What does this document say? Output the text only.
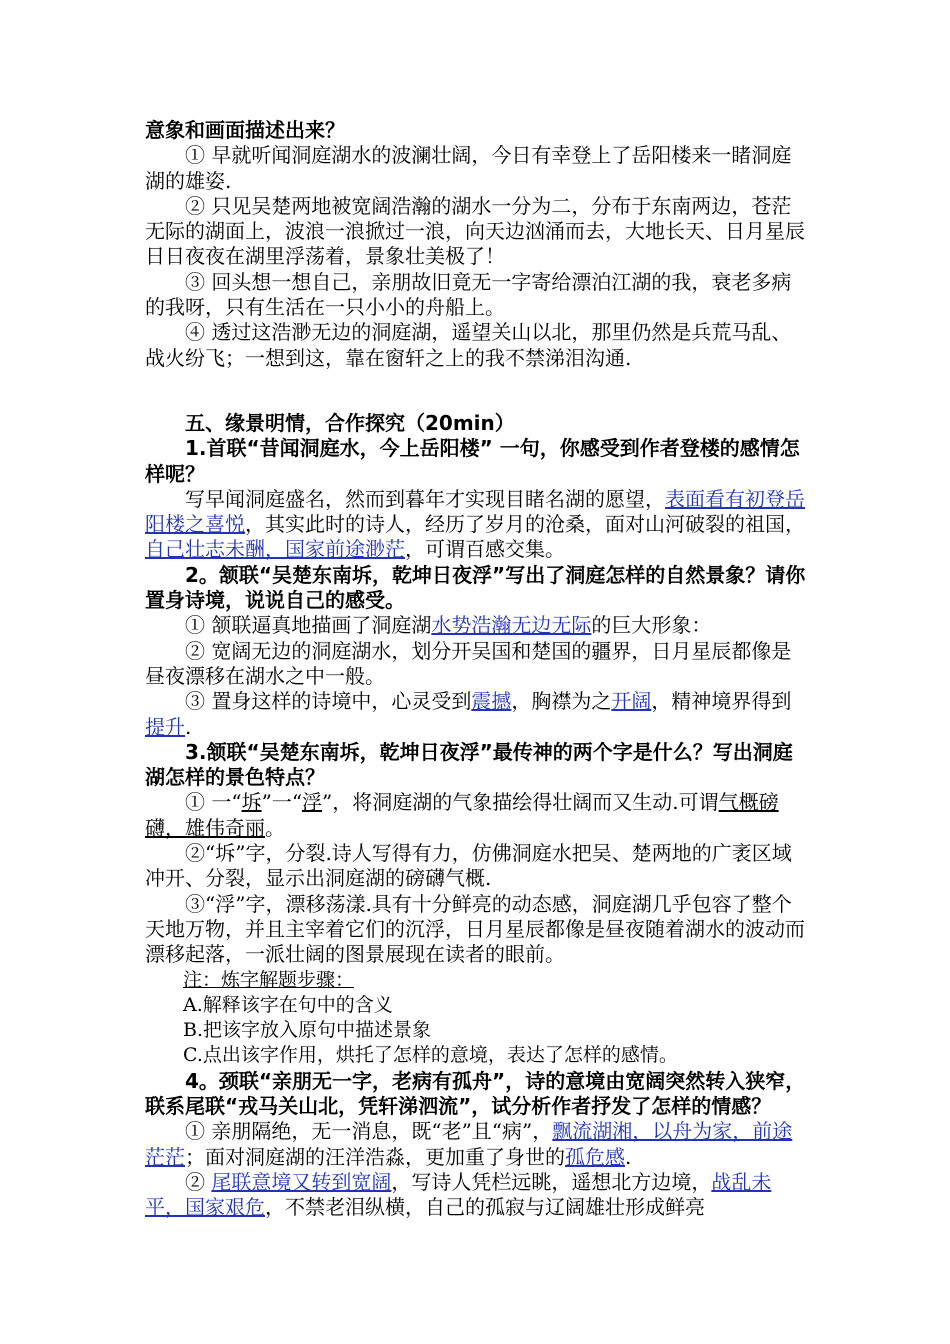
意象和画面描述出来？

① 早就听闻洞庭湖水的波澜壮阔，今日有幸登上了岳阳楼来一睹洞庭湖的雄姿.

② 只见吴楚两地被宽阔浩瀚的湖水一分为二，分布于东南两边，苍茫无际的湖面上，波浪一浪掀过一浪，向天边汹涌而去，大地长天、日月星辰日日夜夜在湖里浮荡着，景象壮美极了！

③ 回头想一想自己，亲朋故旧竟无一字寄给漂泊江湖的我，衰老多病的我呀，只有生活在一只小小的舟船上。

④ 透过这浩渺无边的洞庭湖，遥望关山以北，那里仍然是兵荒马乱、战火纷飞；一想到这，靠在窗轩之上的我不禁涕泪沟通.

五、缘景明情，合作探究（20min）

1.首联“昔闻洞庭水，今上岳阳楼” 一句，你感受到作者登楼的感情怎样呢？

写早闻洞庭盛名，然而到暮年才实现目睹名湖的愿望，表面看有初登岳阳楼之喜悦，其实此时的诗人，经历了岁月的沧桑，面对山河破裂的祖国，自己壮志未酬，国家前途渺茫，可谓百感交集。

2。颔联“吴楚东南坼，乾坤日夜浮”写出了洞庭怎样的自然景象？请你置身诗境，说说自己的感受。

① 颔联逼真地描画了洞庭湖水势浩瀚无边无际的巨大形象：

② 宽阔无边的洞庭湖水，划分开吴国和楚国的疆界，日月星辰都像是昼夜漂移在湖水之中一般。

③ 置身这样的诗境中，心灵受到震撼，胸襟为之开阔，精神境界得到提升.

3.颔联“吴楚东南坼，乾坤日夜浮”最传神的两个字是什么？写出洞庭湖怎样的景色特点？

① 一“坼”一“浮”，将洞庭湖的气象描绘得壮阔而又生动.可谓气概磅礴，雄伟奇丽。

②“坼”字，分裂.诗人写得有力，仿佛洞庭水把吴、楚两地的广袤区域冲开、分裂，显示出洞庭湖的磅礴气概.

③“浮”字，漂移荡漾.具有十分鲜亮的动态感，洞庭湖几乎包容了整个天地万物，并且主宰着它们的沉浮，日月星辰都像是昼夜随着湖水的波动而漂移起落，一派壮阔的图景展现在读者的眼前。

注：炼字解题步骤：

A.解释该字在句中的含义

B.把该字放入原句中描述景象

C.点出该字作用，烘托了怎样的意境，表达了怎样的感情。

4。颈联“亲朋无一字，老病有孤舟”，诗的意境由宽阔突然转入狭窄，联系尾联“戎马关山北，凭轩涕泗流”，试分析作者抒发了怎样的情感？

① 亲朋隔绝，无一消息，既“老”且“病”，飘流湖湘，以舟为家，前途茫茫；面对洞庭湖的汪洋浩淼，更加重了身世的孤危感.

② 尾联意境又转到宽阔，写诗人凭栏远眺，遥想北方边境，战乱未平，国家艰危，不禁老泪纵横，自己的孤寂与辽阔雄壮形成鲜亮
